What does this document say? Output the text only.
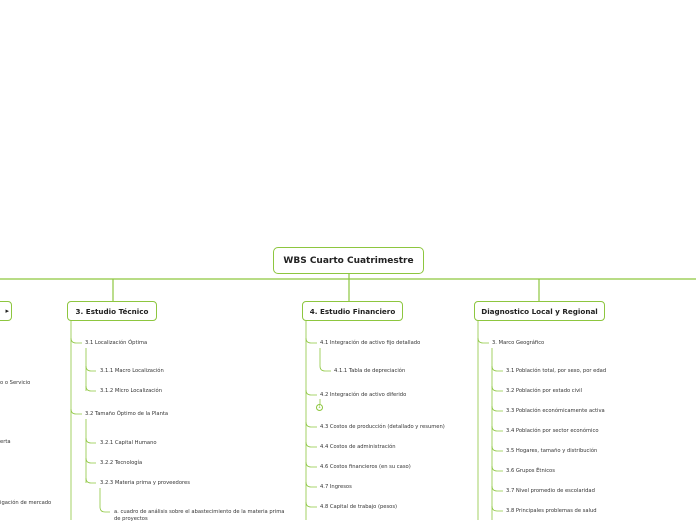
WBS Cuarto Cuatrimestre
▸
o o Servicio
erta
igación de mercado
3. Estudio Técnico
3.1 Localización Óptima
3.1.1 Macro Localización
3.1.2 Micro Localización
3.2 Tamaño Óptimo de la Planta
3.2.1 Capital Humano
3.2.2 Tecnología
3.2.3 Materia prima y proveedores
a. cuadro de análisis sobre el abastecimiento de la materia prima de proyectos
4. Estudio Financiero
4.1 Integración de activo fijo detallado
4.1.1 Tabla de depreciación
4.2 Integración de activo diferido
1
4.3 Costos de producción (detallado y resumen)
4.4 Costos de administración
4.6 Costos financieros (en su caso)
4.7 Ingresos
4.8 Capital de trabajo (pesos)
Diagnostico Local y Regional
3. Marco Geográfico
3.1 Población total, por sexo, por edad
3.2 Población por estado civil
3.3 Población económicamente activa
3.4 Población por sector económico
3.5 Hogares, tamaño y distribución
3.6 Grupos Étnicos
3.7 Nivel promedio de escolaridad
3.8 Principales problemas de salud
